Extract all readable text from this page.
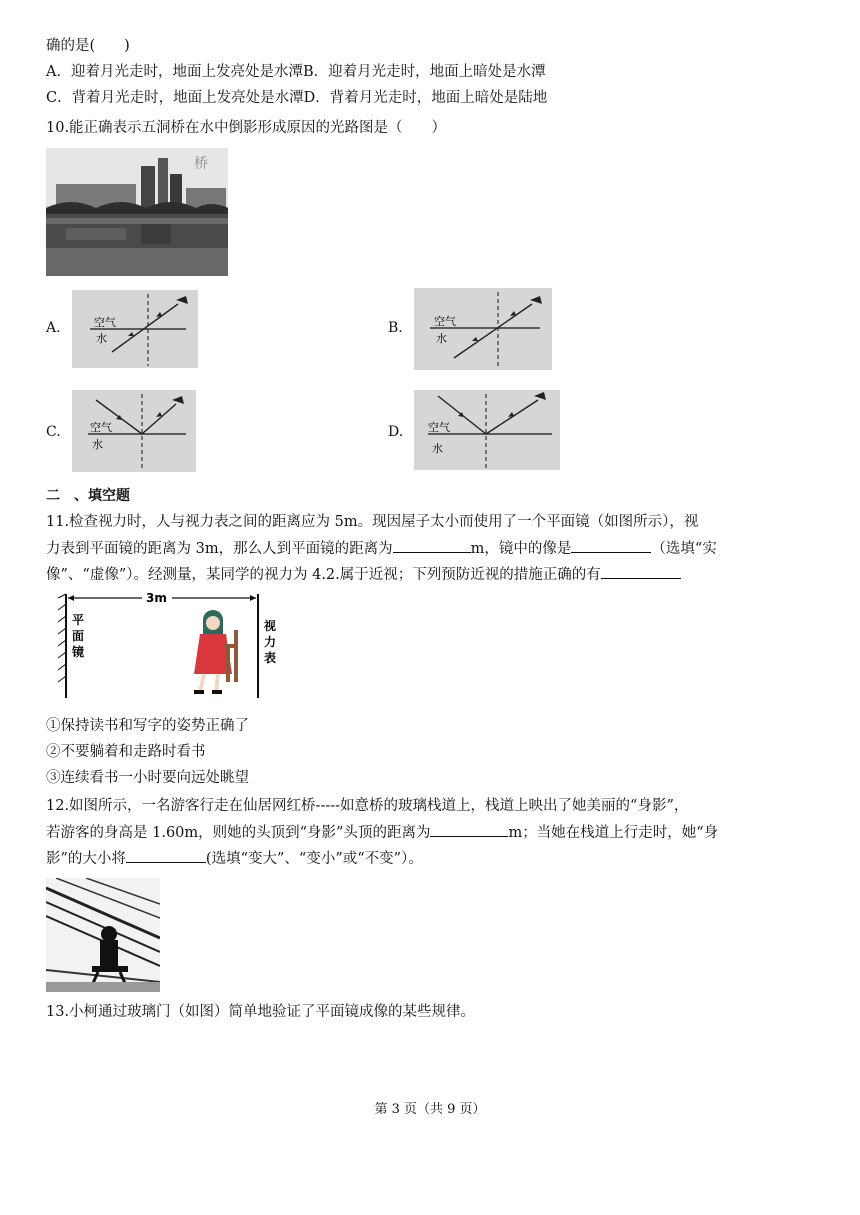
确的是(　　)
A．迎着月光走时，地面上发亮处是水潭B．迎着月光走时，地面上暗处是水潭
C．背着月光走时，地面上发亮处是水潭D．背着月光走时，地面上暗处是陆地
10.能正确表示五洞桥在水中倒影形成原因的光路图是（　　）
桥
A.	空气
水
B.	空气
水
C.	空气
水
D. 空气
水
二　、填空题
11.检查视力时，人与视力表之间的距离应为 5m。现因屋子太小而使用了一个平面镜（如图所示），视
力表到平面镜的距离为 3m，那么人到平面镜的距离为	m，镜中的像是	（选填“实
像”、“虚像”）。经测量，某同学的视力为 4.2.属于近视；下列预防近视的措施正确的有
3m
平
面
镜
视
力
表
①保持读书和写字的姿势正确了
②不要躺着和走路时看书
③连续看书一小时要向远处眺望
12.如图所示，一名游客行走在仙居网红桥-----如意桥的玻璃栈道上，栈道上映出了她美丽的“身影”，
若游客的身高是 1.60m，则她的头顶到“身影”头顶的距离为	m；当她在栈道上行走时，她“身
影”的大小将	(选填“变大”、“变小”或“不变”）。
13.小柯通过玻璃门（如图）简单地验证了平面镜成像的某些规律。
第 3 页（共 9 页）
